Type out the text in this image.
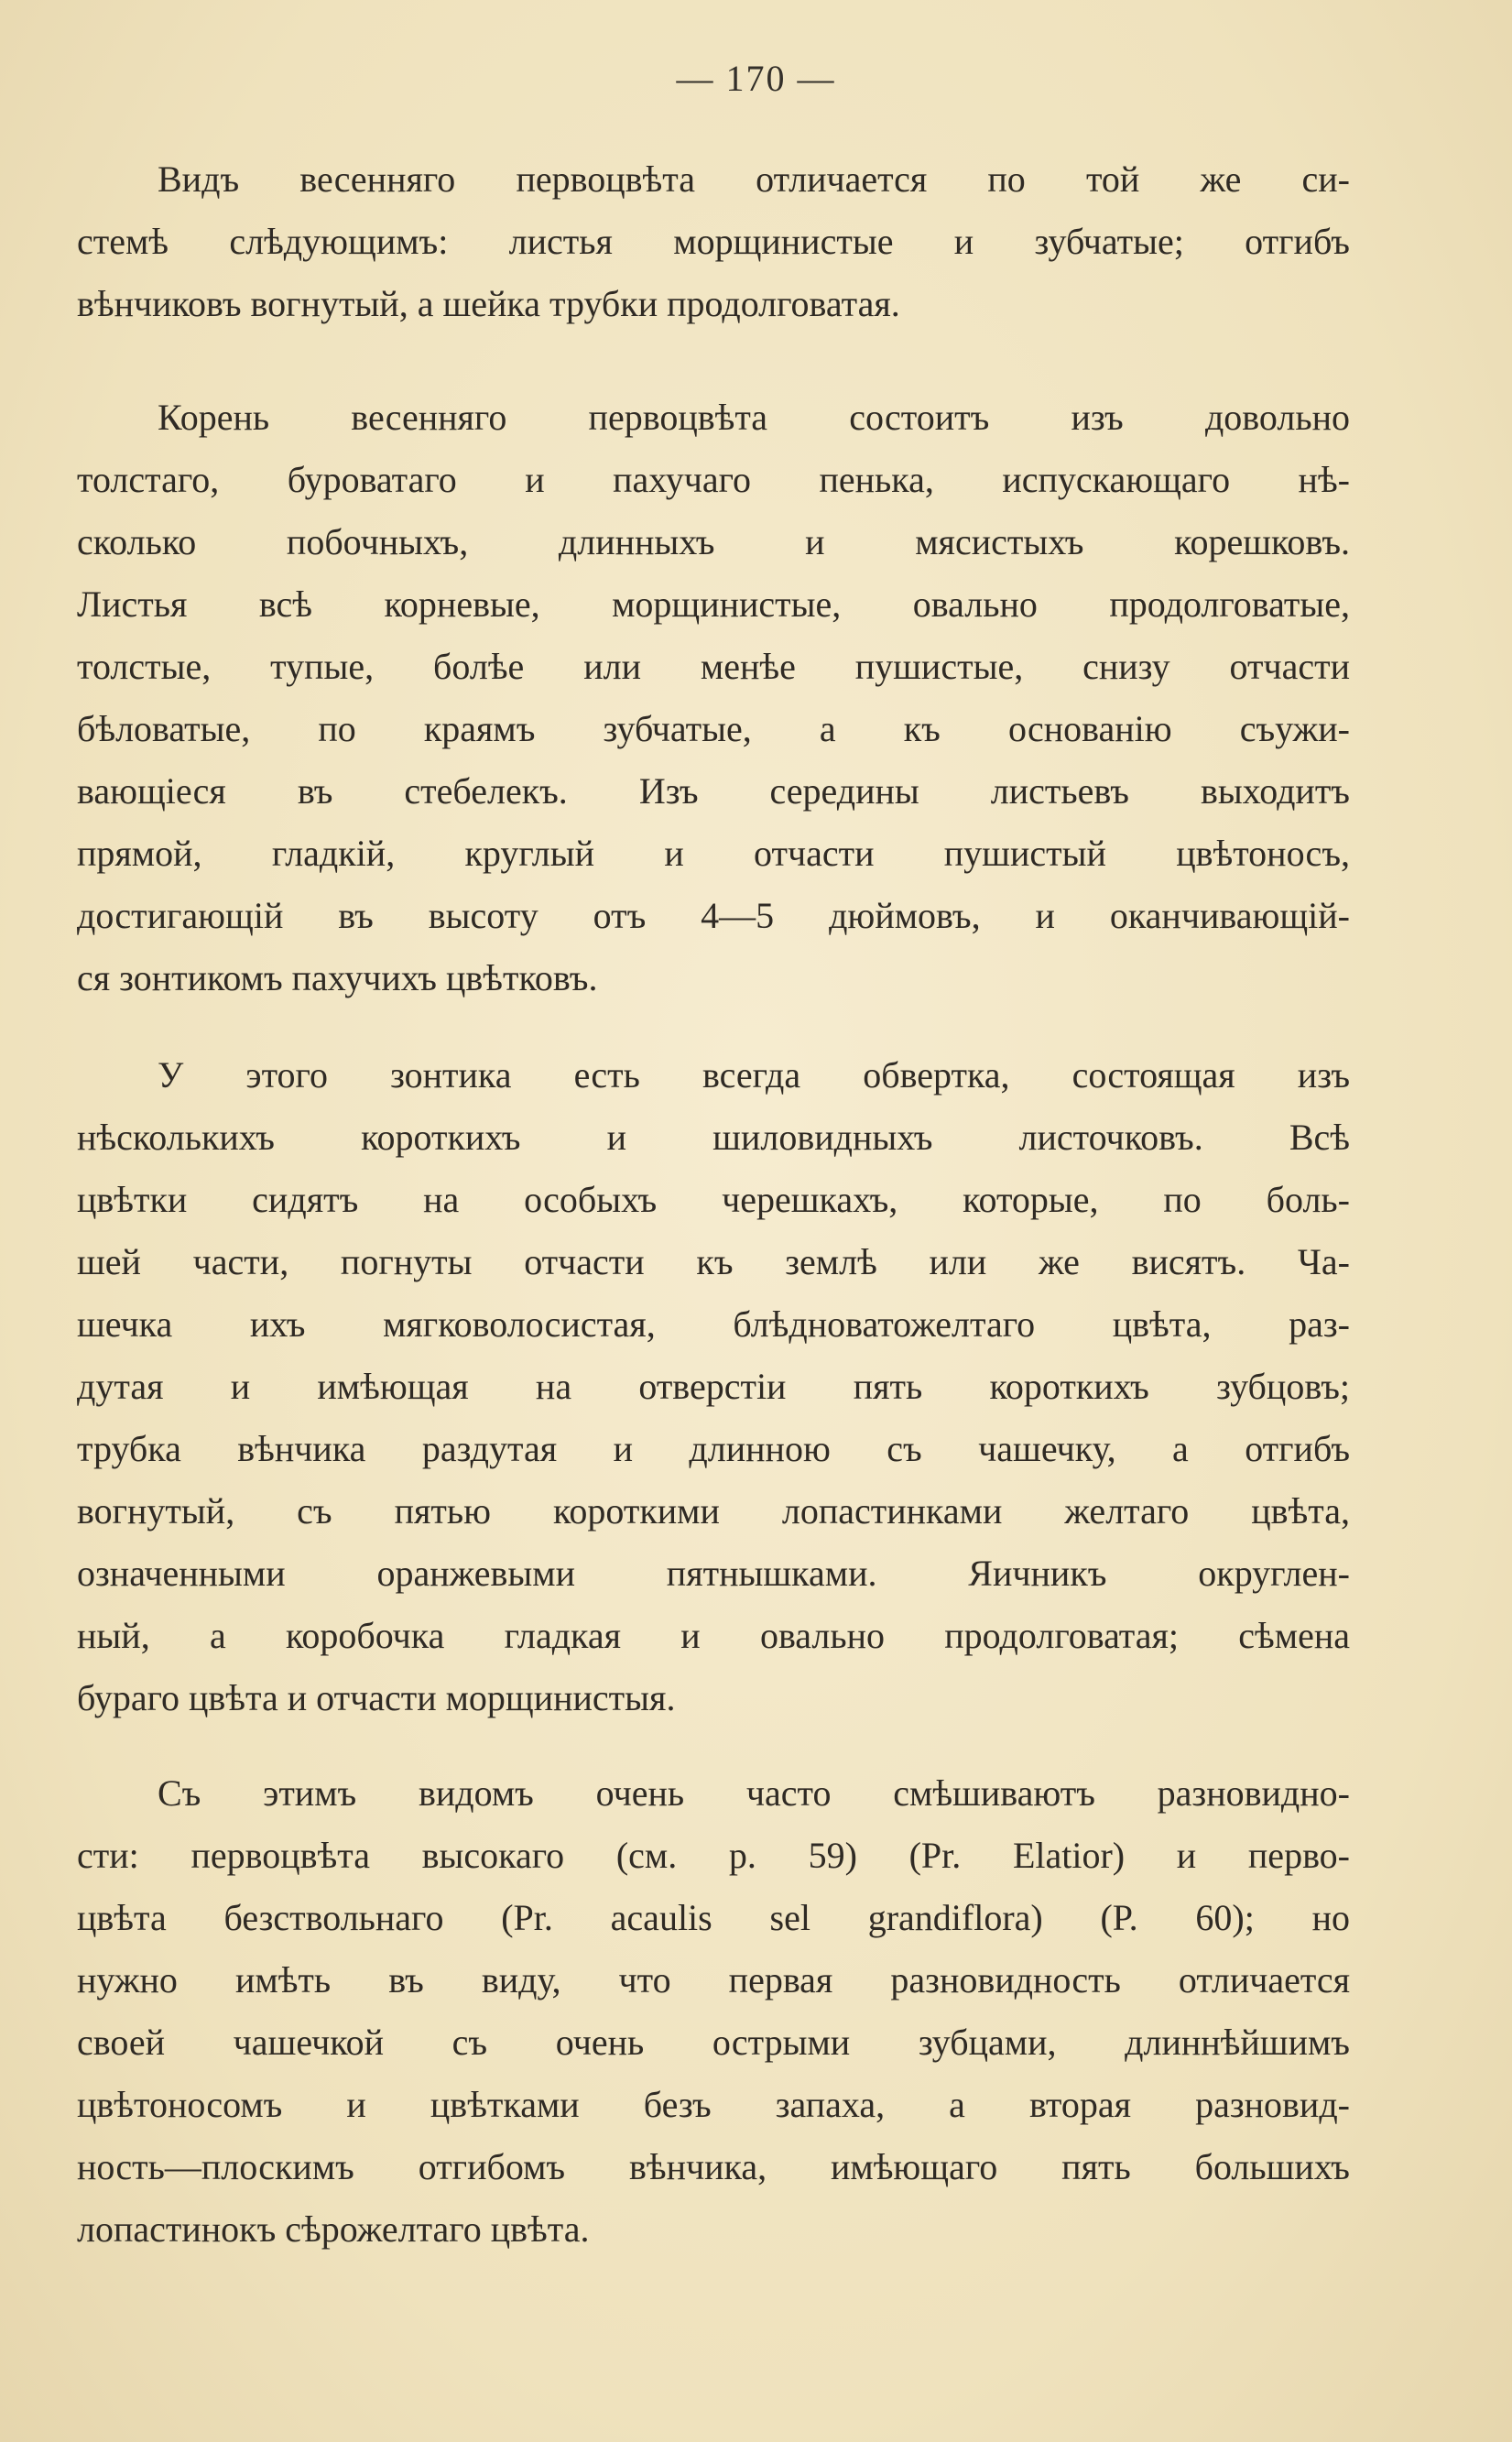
— 170 —
Видъ весенняго первоцвѣта отличается по той же си-
стемѣ слѣдующимъ: листья морщинистые и зубчатые; отгибъ
вѣнчиковъ вогнутый, а шейка трубки продолговатая.
Корень весенняго первоцвѣта состоитъ изъ довольно
толстаго, буроватаго и пахучаго пенька, испускающаго нѣ-
сколько побочныхъ, длинныхъ и мясистыхъ корешковъ.
Листья всѣ корневые, морщинистые, овально продолговатые,
толстые, тупые, болѣе или менѣе пушистые, снизу отчасти
бѣловатые, по краямъ зубчатые, а къ основанію съужи-
вающіеся въ стебелекъ. Изъ середины листьевъ выходитъ
прямой, гладкій, круглый и отчасти пушистый цвѣтоносъ,
достигающій въ высоту отъ 4—5 дюймовъ, и оканчивающій-
ся зонтикомъ пахучихъ цвѣтковъ.
У этого зонтика есть всегда обвертка, состоящая изъ
нѣсколькихъ короткихъ и шиловидныхъ листочковъ. Всѣ
цвѣтки сидятъ на особыхъ черешкахъ, которые, по боль-
шей части, погнуты отчасти къ землѣ или же висятъ. Ча-
шечка ихъ мягковолосистая, блѣдноватожелтаго цвѣта, раз-
дутая и имѣющая на отверстіи пять короткихъ зубцовъ;
трубка вѣнчика раздутая и длинною съ чашечку, а отгибъ
вогнутый, съ пятью короткими лопастинками желтаго цвѣта,
означенными оранжевыми пятнышками. Яичникъ округлен-
ный, а коробочка гладкая и овально продолговатая; сѣмена
бураго цвѣта и отчасти морщинистыя.
Съ этимъ видомъ очень часто смѣшиваютъ разновидно-
сти: первоцвѣта высокаго (см. р. 59) (Pr. Elatior) и перво-
цвѣта безствольнаго (Pr. acaulis sel grandiflora) (P. 60); но
нужно имѣть въ виду, что первая разновидность отличается
своей чашечкой съ очень острыми зубцами, длиннѣйшимъ
цвѣтоносомъ и цвѣтками безъ запаха, а вторая разновид-
ность—плоскимъ отгибомъ вѣнчика, имѣющаго пять большихъ
лопастинокъ сѣрожелтаго цвѣта.
